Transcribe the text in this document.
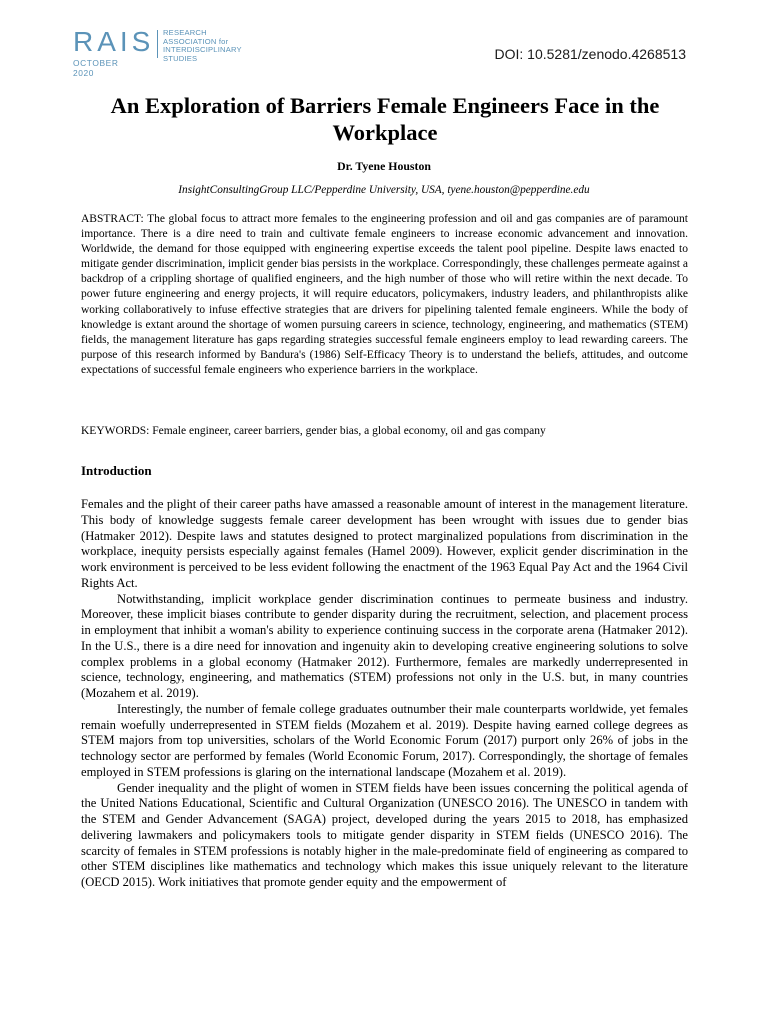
RAIS RESEARCH
ASSOCIATION for
INTERDISCIPLINARY
STUDIES
OCTOBER 2020
DOI: 10.5281/zenodo.4268513
An Exploration of Barriers Female Engineers Face in the Workplace
Dr. Tyene Houston
InsightConsultingGroup LLC/Pepperdine University, USA, tyene.houston@pepperdine.edu

ABSTRACT: The global focus to attract more females to the engineering profession and oil and gas companies are of paramount importance. There is a dire need to train and cultivate female engineers to increase economic advancement and innovation. Worldwide, the demand for those equipped with engineering expertise exceeds the talent pool pipeline. Despite laws enacted to mitigate gender discrimination, implicit gender bias persists in the workplace. Correspondingly, these challenges permeate against a backdrop of a crippling shortage of qualified engineers, and the high number of those who will retire within the next decade. To power future engineering and energy projects, it will require educators, policymakers, industry leaders, and philanthropists alike working collaboratively to infuse effective strategies that are drivers for pipelining talented female engineers. While the body of knowledge is extant around the shortage of women pursuing careers in science, technology, engineering, and mathematics (STEM) fields, the management literature has gaps regarding strategies successful female engineers employ to lead rewarding careers. The purpose of this research informed by Bandura's (1986) Self-Efficacy Theory is to understand the beliefs, attitudes, and outcome expectations of successful female engineers who experience barriers in the workplace.

KEYWORDS: Female engineer, career barriers, gender bias, a global economy, oil and gas company

Introduction

Females and the plight of their career paths have amassed a reasonable amount of interest in the management literature. This body of knowledge suggests female career development has been wrought with issues due to gender bias (Hatmaker 2012). Despite laws and statutes designed to protect marginalized populations from discrimination in the workplace, inequity persists especially against females (Hamel 2009). However, explicit gender discrimination in the work environment is perceived to be less evident following the enactment of the 1963 Equal Pay Act and the 1964 Civil Rights Act.

Notwithstanding, implicit workplace gender discrimination continues to permeate business and industry. Moreover, these implicit biases contribute to gender disparity during the recruitment, selection, and placement process in employment that inhibit a woman's ability to experience continuing success in the corporate arena (Hatmaker 2012). In the U.S., there is a dire need for innovation and ingenuity akin to developing creative engineering solutions to solve complex problems in a global economy (Hatmaker 2012). Furthermore, females are markedly underrepresented in science, technology, engineering, and mathematics (STEM) professions not only in the U.S. but, in many countries (Mozahem et al. 2019).

Interestingly, the number of female college graduates outnumber their male counterparts worldwide, yet females remain woefully underrepresented in STEM fields (Mozahem et al. 2019). Despite having earned college degrees as STEM majors from top universities, scholars of the World Economic Forum (2017) purport only 26% of jobs in the technology sector are performed by females (World Economic Forum, 2017). Correspondingly, the shortage of females employed in STEM professions is glaring on the international landscape (Mozahem et al. 2019).

Gender inequality and the plight of women in STEM fields have been issues concerning the political agenda of the United Nations Educational, Scientific and Cultural Organization (UNESCO 2016). The UNESCO in tandem with the STEM and Gender Advancement (SAGA) project, developed during the years 2015 to 2018, has emphasized delivering lawmakers and policymakers tools to mitigate gender disparity in STEM fields (UNESCO 2016). The scarcity of females in STEM professions is notably higher in the male-predominate field of engineering as compared to other STEM disciplines like mathematics and technology which makes this issue uniquely relevant to the literature (OECD 2015). Work initiatives that promote gender equity and the empowerment of
